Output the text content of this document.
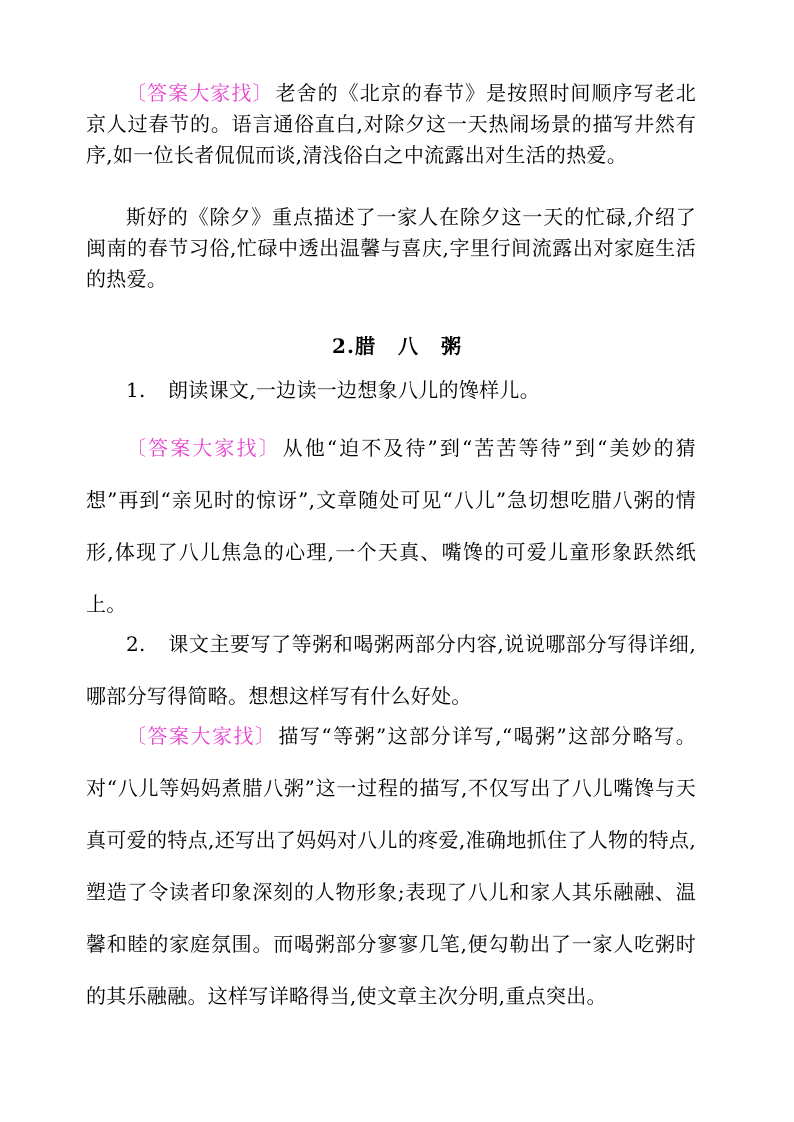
〔答案大家找〕 老舍的《北京的春节》是按照时间顺序写老北京人过春节的。语言通俗直白,对除夕这一天热闹场景的描写井然有序,如一位长者侃侃而谈,清浅俗白之中流露出对生活的热爱。

斯妤的《除夕》重点描述了一家人在除夕这一天的忙碌,介绍了闽南的春节习俗,忙碌中透出温馨与喜庆,字里行间流露出对家庭生活的热爱。

2.腊 八 粥

1. 朗读课文,一边读一边想象八儿的馋样儿。

〔答案大家找〕 从他“迫不及待”到“苦苦等待”到“美妙的猜想”再到“亲见时的惊讶”,文章随处可见“八儿”急切想吃腊八粥的情形,体现了八儿焦急的心理,一个天真、嘴馋的可爱儿童形象跃然纸上。

2. 课文主要写了等粥和喝粥两部分内容,说说哪部分写得详细,哪部分写得简略。想想这样写有什么好处。

〔答案大家找〕 描写“等粥”这部分详写,“喝粥”这部分略写。对“八儿等妈妈煮腊八粥”这一过程的描写,不仅写出了八儿嘴馋与天真可爱的特点,还写出了妈妈对八儿的疼爱,准确地抓住了人物的特点,塑造了令读者印象深刻的人物形象;表现了八儿和家人其乐融融、温馨和睦的家庭氛围。而喝粥部分寥寥几笔,便勾勒出了一家人吃粥时的其乐融融。这样写详略得当,使文章主次分明,重点突出。
